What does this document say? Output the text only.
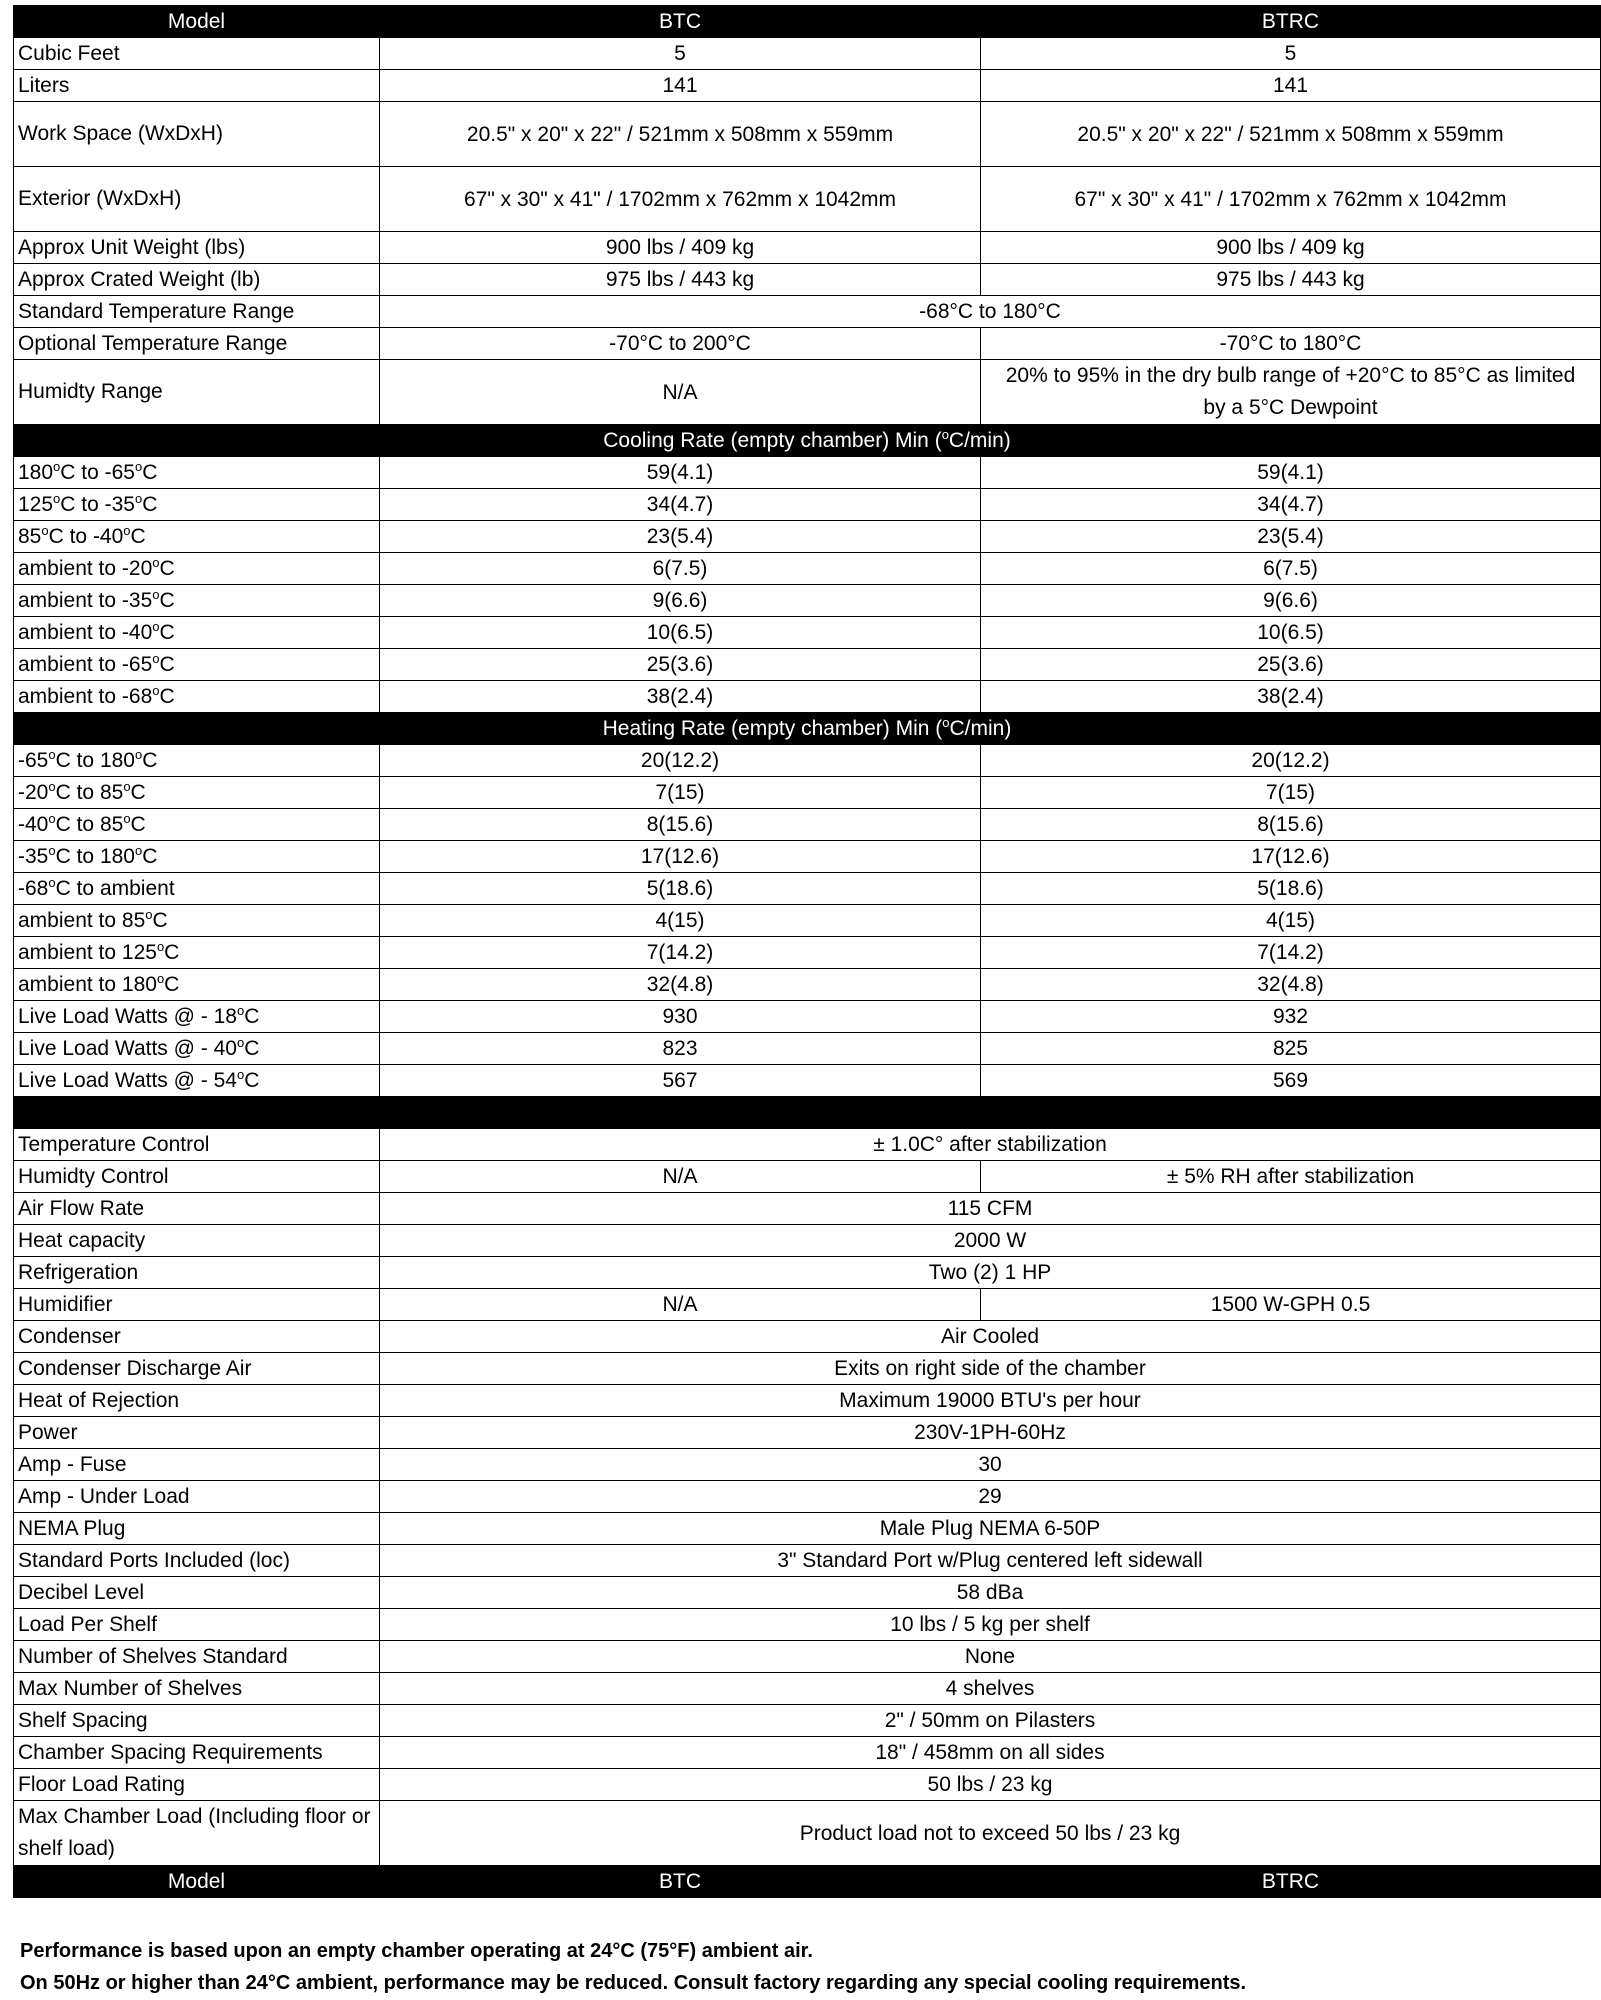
Model	BTC	BTRC
Cubic Feet	5	5
Liters	141	141
Work Space (WxDxH)	20.5" x 20" x 22" / 521mm x 508mm x 559mm	20.5" x 20" x 22" / 521mm x 508mm x 559mm
Exterior (WxDxH)	67" x 30" x 41" / 1702mm x 762mm x 1042mm	67" x 30" x 41" / 1702mm x 762mm x 1042mm
Approx Unit Weight (lbs)	900 lbs / 409 kg	900 lbs / 409 kg
Approx Crated Weight (lb)	975 lbs / 443 kg	975 lbs / 443 kg
Standard Temperature Range	-68°C to 180°C	
Optional Temperature Range	-70°C to 200°C	-70°C to 180°C
Humidty Range	N/A	20% to 95% in the dry bulb range of +20°C to 85°C as limited by a 5°C Dewpoint
Cooling Rate (empty chamber) Min ($^o$C/min)		
180$^o$C to -65$^o$C	59(4.1)	59(4.1)
125$^o$C to -35$^o$C	34(4.7)	34(4.7)
85$^o$C to -40$^o$C	23(5.4)	23(5.4)
ambient to -20$^o$C	6(7.5)	6(7.5)
ambient to -35$^o$C	9(6.6)	9(6.6)
ambient to -40$^o$C	10(6.5)	10(6.5)
ambient to -65$^o$C	25(3.6)	25(3.6)
ambient to -68$^o$C	38(2.4)	38(2.4)
Heating Rate (empty chamber) Min ($^o$C/min)		
-65$^o$C to 180$^o$C	20(12.2)	20(12.2)
-20$^o$C to 85$^o$C	7(15)	7(15)
-40$^o$C to 85$^o$C	8(15.6)	8(15.6)
-35$^o$C to 180$^o$C	17(12.6)	17(12.6)
-68$^o$C to ambient	5(18.6)	5(18.6)
ambient to 85$^o$C	4(15)	4(15)
ambient to 125$^o$C	7(14.2)	7(14.2)
ambient to 180$^o$C	32(4.8)	32(4.8)
Live Load Watts @ - 18$^o$C	930	932
Live Load Watts @ - 40$^o$C	823	825
Live Load Watts @ - 54$^o$C	567	569

Temperature Control	± 1.0C° after stabilization	
Humidty Control	N/A	± 5% RH after stabilization
Air Flow Rate	115 CFM	
Heat capacity	2000 W	
Refrigeration	Two (2) 1 HP	
Humidifier	N/A	1500 W-GPH 0.5
Condenser	Air Cooled	
Condenser Discharge Air	Exits on right side of the chamber	
Heat of Rejection	Maximum 19000 BTU's per hour	
Power	230V-1PH-60Hz	
Amp - Fuse	30	
Amp - Under Load	29	
NEMA Plug	Male Plug NEMA 6-50P	
Standard Ports Included (loc)	3" Standard Port w/Plug centered left sidewall	
Decibel Level	58 dBa	
Load Per Shelf	10 lbs / 5 kg per shelf	
Number of Shelves Standard	None	
Max Number of Shelves	4 shelves	
Shelf Spacing	2" / 50mm on Pilasters	
Chamber Spacing Requirements	18" / 458mm on all sides	
Floor Load Rating	50 lbs / 23 kg	
Max Chamber Load (Including floor or shelf load)	Product load not to exceed 50 lbs / 23 kg	
Model	BTC	BTRC
Performance is based upon an empty chamber operating at 24°C (75°F) ambient air.
On 50Hz or higher than 24°C ambient, performance may be reduced. Consult factory regarding any special cooling requirements.
